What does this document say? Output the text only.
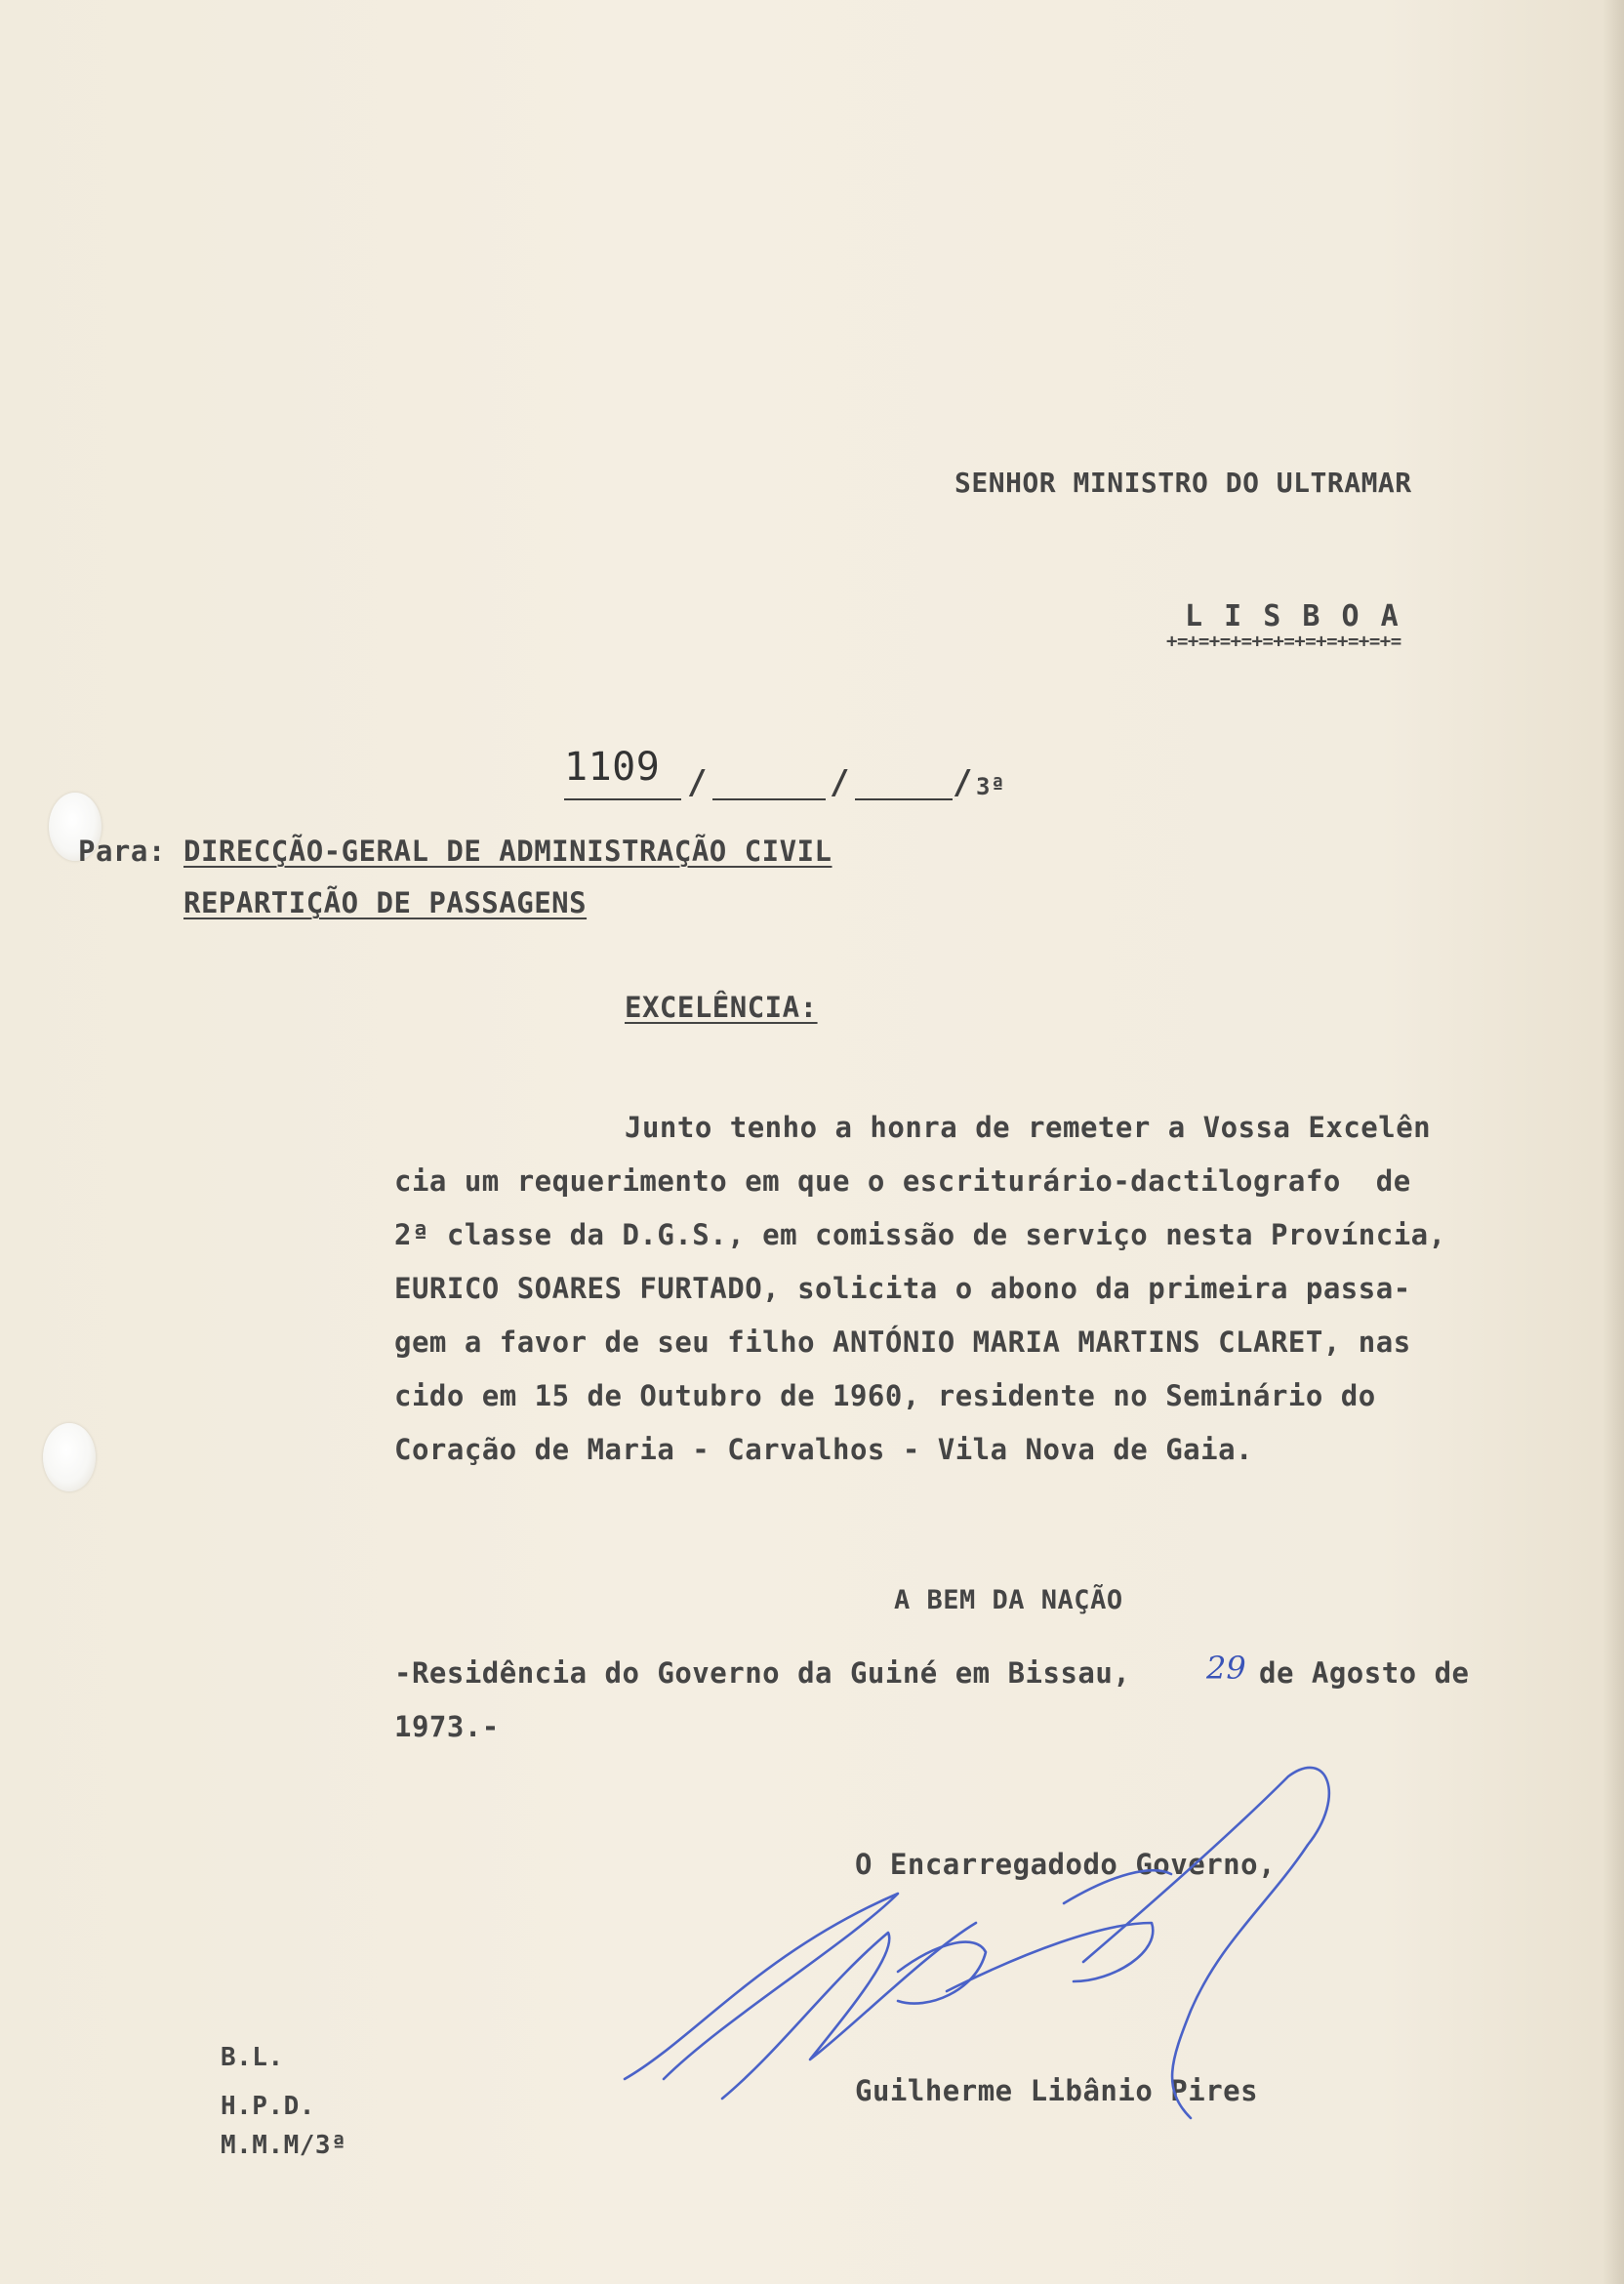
SENHOR MINISTRO DO ULTRAMAR
L I S B O A
+=+=+=+=+=+=+=+=+=+=+=
1109 /	/	/ 3ª
Para: DIRECÇÃO-GERAL DE ADMINISTRAÇÃO CIVIL
REPARTIÇÃO DE PASSAGENS
EXCELÊNCIA:
Junto tenho a honra de remeter a Vossa Excelên
cia um requerimento em que o escriturário-dactilografo  de
2ª classe da D.G.S., em comissão de serviço nesta Província,
EURICO SOARES FURTADO, solicita o abono da primeira passa-
gem a favor de seu filho ANTÓNIO MARIA MARTINS CLARET, nas
cido em 15 de Outubro de 1960, residente no Seminário do
Coração de Maria - Carvalhos - Vila Nova de Gaia.
A BEM DA NAÇÃO
-Residência do Governo da Guiné em Bissau, 29 de Agosto de
1973.-
O Encarregadodo Governo,
Guilherme Libânio Pires
B.L.
H.P.D.
M.M.M/3ª
